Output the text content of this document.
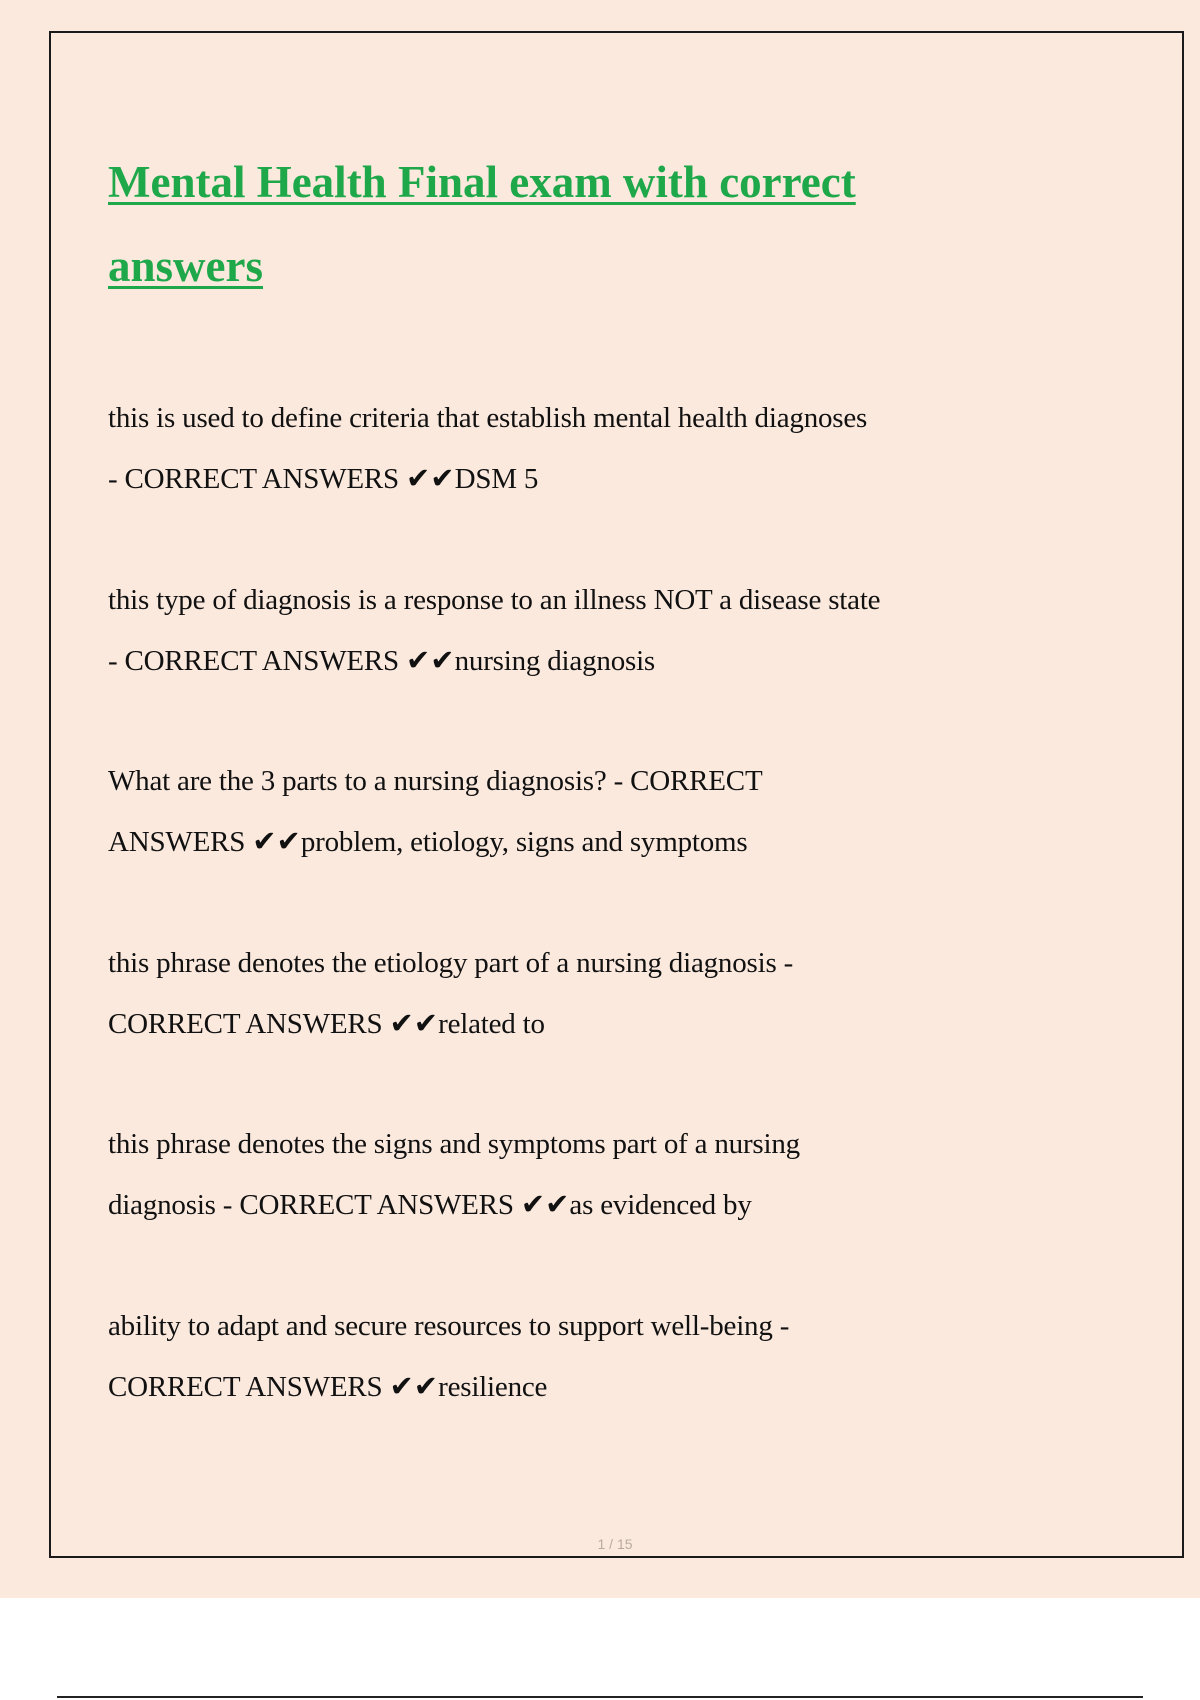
Mental Health Final exam with correct answers
this is used to define criteria that establish mental health diagnoses
- CORRECT ANSWERS ✔✔DSM 5
this type of diagnosis is a response to an illness NOT a disease state
- CORRECT ANSWERS ✔✔nursing diagnosis
What are the 3 parts to a nursing diagnosis? - CORRECT
ANSWERS ✔✔problem, etiology, signs and symptoms
this phrase denotes the etiology part of a nursing diagnosis -
CORRECT ANSWERS ✔✔related to
this phrase denotes the signs and symptoms part of a nursing
diagnosis - CORRECT ANSWERS ✔✔as evidenced by
ability to adapt and secure resources to support well-being -
CORRECT ANSWERS ✔✔resilience
1 / 15
